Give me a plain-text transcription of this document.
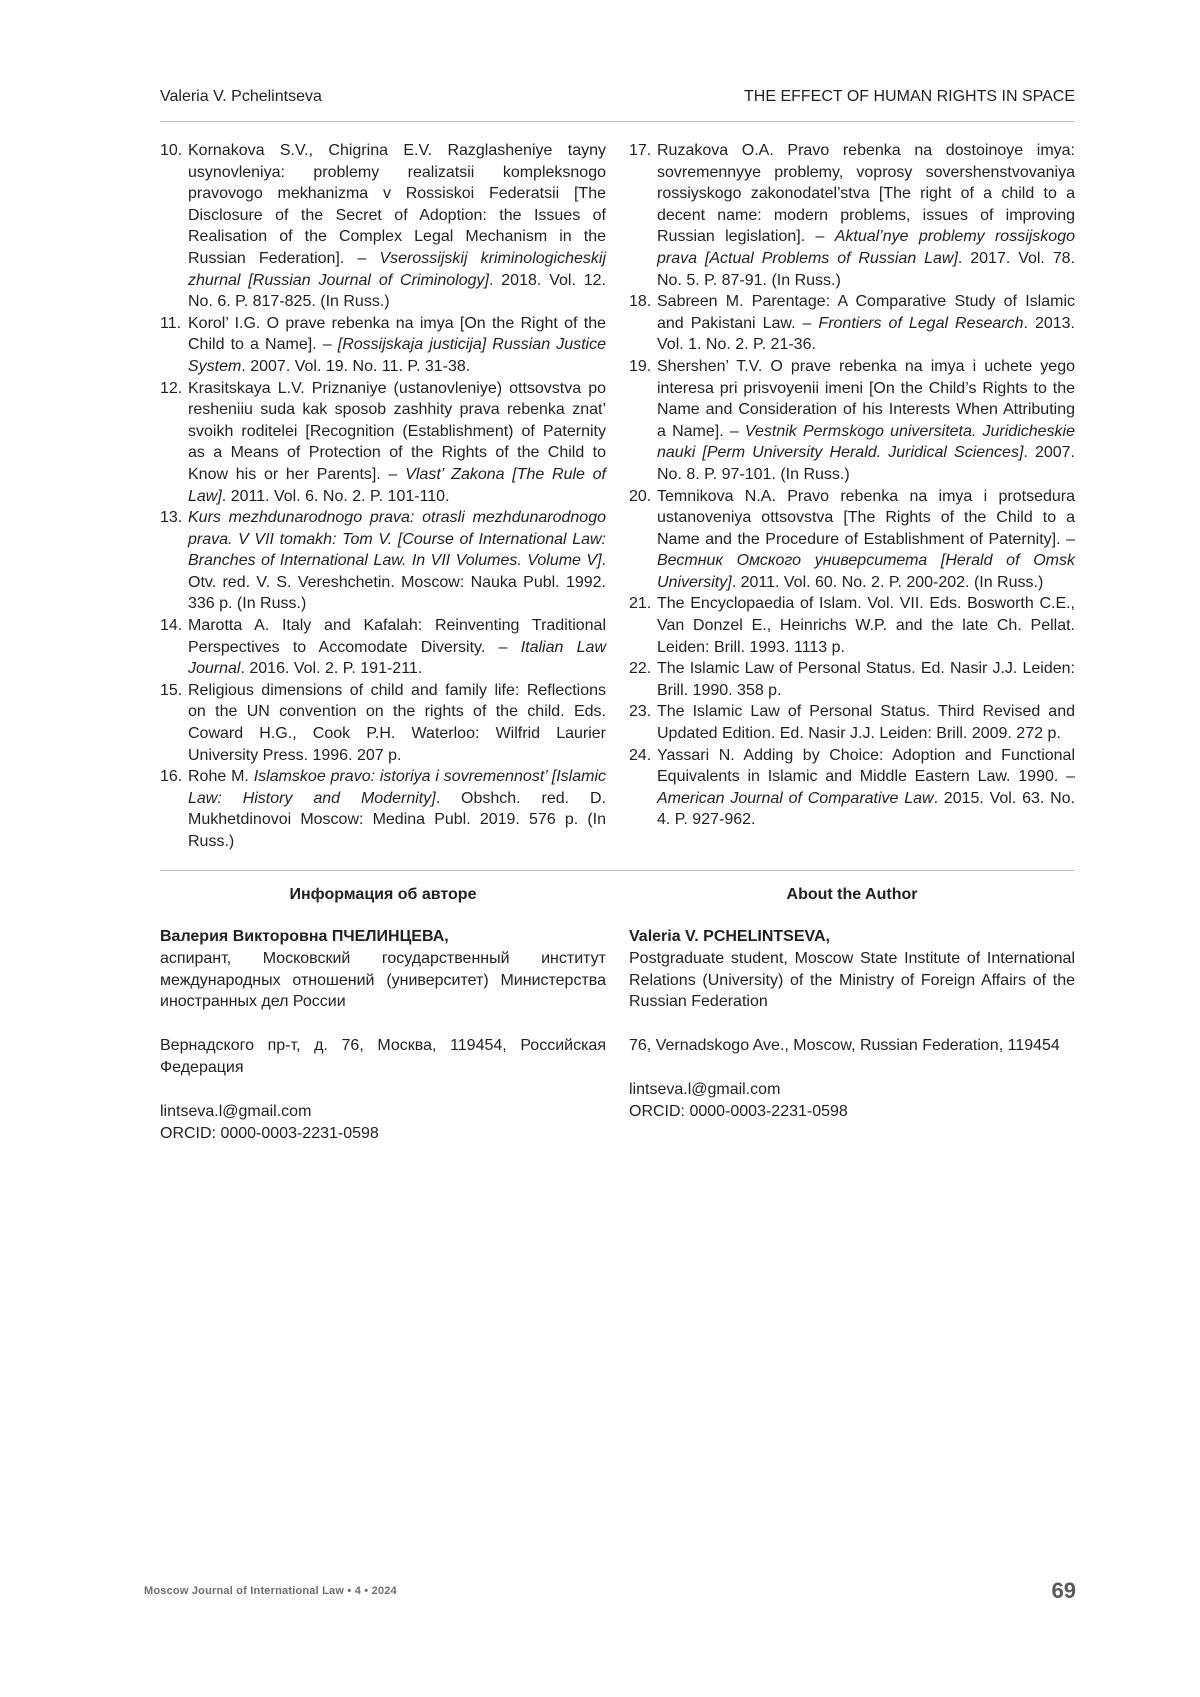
Valeria V. Pchelintseva	THE EFFECT OF HUMAN RIGHTS IN SPACE
10. Kornakova S.V., Chigrina E.V. Razglasheniye tayny usynovleniya: problemy realizatsii kompleksnogo pravovogo mekhanizma v Rossiskoi Federatsii [The Disclosure of the Secret of Adoption: the Issues of Realisation of the Complex Legal Mechanism in the Russian Federation]. – Vserossijskij kriminologicheskij zhurnal [Russian Journal of Criminology]. 2018. Vol. 12. No. 6. P. 817-825. (In Russ.)
11. Korol’ I.G. O prave rebenka na imya [On the Right of the Child to a Name]. – [Rossijskaja justicija] Russian Justice System. 2007. Vol. 19. No. 11. P. 31-38.
12. Krasitskaya L.V. Priznaniye (ustanovleniye) ottsovstva po resheniiu suda kak sposob zashhity prava rebenka znat’ svoikh roditelei [Recognition (Establishment) of Paternity as a Means of Protection of the Rights of the Child to Know his or her Parents]. – Vlast’ Zakona [The Rule of Law]. 2011. Vol. 6. No. 2. P. 101-110.
13. Kurs mezhdunarodnogo prava: otrasli mezhdunarodnogo prava. V VII tomakh: Tom V. [Course of International Law: Branches of International Law. In VII Volumes. Volume V]. Otv. red. V. S. Vereshchetin. Moscow: Nauka Publ. 1992. 336 p. (In Russ.)
14. Marotta A. Italy and Kafalah: Reinventing Traditional Perspectives to Accomodate Diversity. – Italian Law Journal. 2016. Vol. 2. P. 191-211.
15. Religious dimensions of child and family life: Reflections on the UN convention on the rights of the child. Eds. Coward H.G., Cook P.H. Waterloo: Wilfrid Laurier University Press. 1996. 207 p.
16. Rohe M. Islamskoe pravo: istoriya i sovremennost’ [Islamic Law: History and Modernity]. Obshch. red. D. Mukhetdinovoi Moscow: Medina Publ. 2019. 576 p. (In Russ.)
17. Ruzakova O.A. Pravo rebenka na dostoinoye imya: sovremennyye problemy, voprosy sovershenstvovaniya rossiyskogo zakonodatel’stva [The right of a child to a decent name: modern problems, issues of improving Russian legislation]. – Aktual’nye problemy rossijskogo prava [Actual Problems of Russian Law]. 2017. Vol. 78. No. 5. P. 87-91. (In Russ.)
18. Sabreen M. Parentage: A Comparative Study of Islamic and Pakistani Law. – Frontiers of Legal Research. 2013. Vol. 1. No. 2. P. 21-36.
19. Shershen’ T.V. O prave rebenka na imya i uchete yego interesa pri prisvoyenii imeni [On the Child’s Rights to the Name and Consideration of his Interests When Attributing a Name]. – Vestnik Permskogo universiteta. Juridicheskie nauki [Perm University Herald. Juridical Sciences]. 2007. No. 8. P. 97-101. (In Russ.)
20. Temnikova N.A. Pravo rebenka na imya i protsedura ustanoveniya ottsovstva [The Rights of the Child to a Name and the Procedure of Establishment of Paternity]. – Вестник Омского университета [Herald of Omsk University]. 2011. Vol. 60. No. 2. P. 200-202. (In Russ.)
21. The Encyclopaedia of Islam. Vol. VII. Eds. Bosworth C.E., Van Donzel E., Heinrichs W.P. and the late Ch. Pellat. Leiden: Brill. 1993. 1113 p.
22. The Islamic Law of Personal Status. Ed. Nasir J.J. Leiden: Brill. 1990. 358 p.
23. The Islamic Law of Personal Status. Third Revised and Updated Edition. Ed. Nasir J.J. Leiden: Brill. 2009. 272 p.
24. Yassari N. Adding by Choice: Adoption and Functional Equivalents in Islamic and Middle Eastern Law. 1990. – American Journal of Comparative Law. 2015. Vol. 63. No. 4. P. 927-962.
Информация об авторе	About the Author
Валерия Викторовна ПЧЕЛИНЦЕВА,
аспирант, Московский государственный институт международных отношений (университет) Министерства иностранных дел России
Вернадского пр-т, д. 76, Москва, 119454, Российская Федерация
lintseva.l@gmail.com
ORCID: 0000-0003-2231-0598
Valeria V. PCHELINTSEVA,
Postgraduate student, Moscow State Institute of International Relations (University) of the Ministry of Foreign Affairs of the Russian Federation
76, Vernadskogo Ave., Moscow, Russian Federation, 119454
lintseva.l@gmail.com
ORCID: 0000-0003-2231-0598
Moscow Journal of International Law • 4 • 2024	69
